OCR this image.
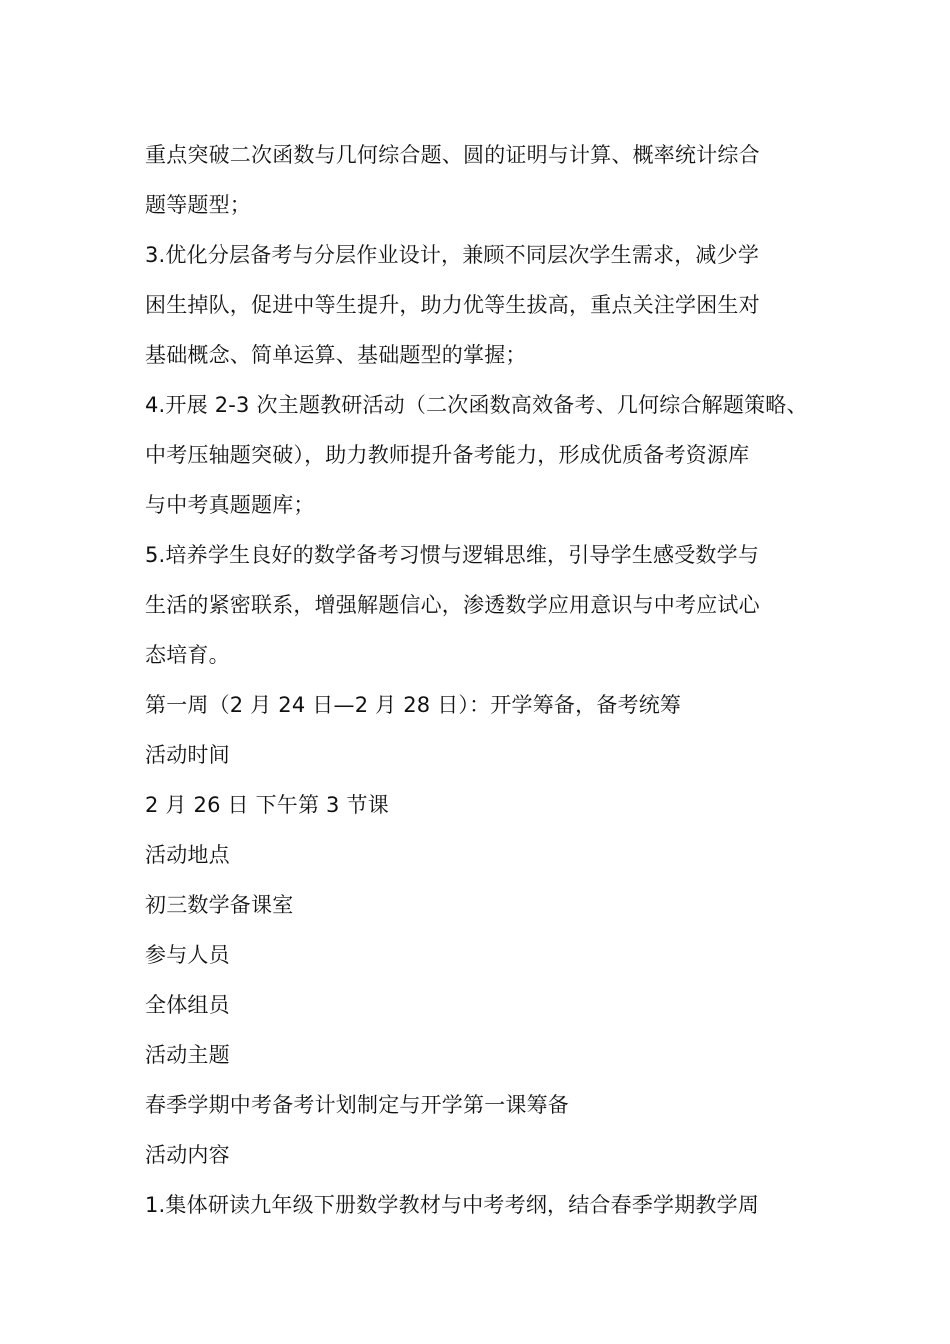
重点突破二次函数与几何综合题、圆的证明与计算、概率统计综合
题等题型；
3.优化分层备考与分层作业设计，兼顾不同层次学生需求，减少学
困生掉队，促进中等生提升，助力优等生拔高，重点关注学困生对
基础概念、简单运算、基础题型的掌握；
4.开展 2-3 次主题教研活动（二次函数高效备考、几何综合解题策略、
中考压轴题突破），助力教师提升备考能力，形成优质备考资源库
与中考真题题库；
5.培养学生良好的数学备考习惯与逻辑思维，引导学生感受数学与
生活的紧密联系，增强解题信心，渗透数学应用意识与中考应试心
态培育。
第一周（2 月 24 日—2 月 28 日）：开学筹备，备考统筹
活动时间
2 月 26 日 下午第 3 节课
活动地点
初三数学备课室
参与人员
全体组员
活动主题
春季学期中考备考计划制定与开学第一课筹备
活动内容
1.集体研读九年级下册数学教材与中考考纲，结合春季学期教学周
